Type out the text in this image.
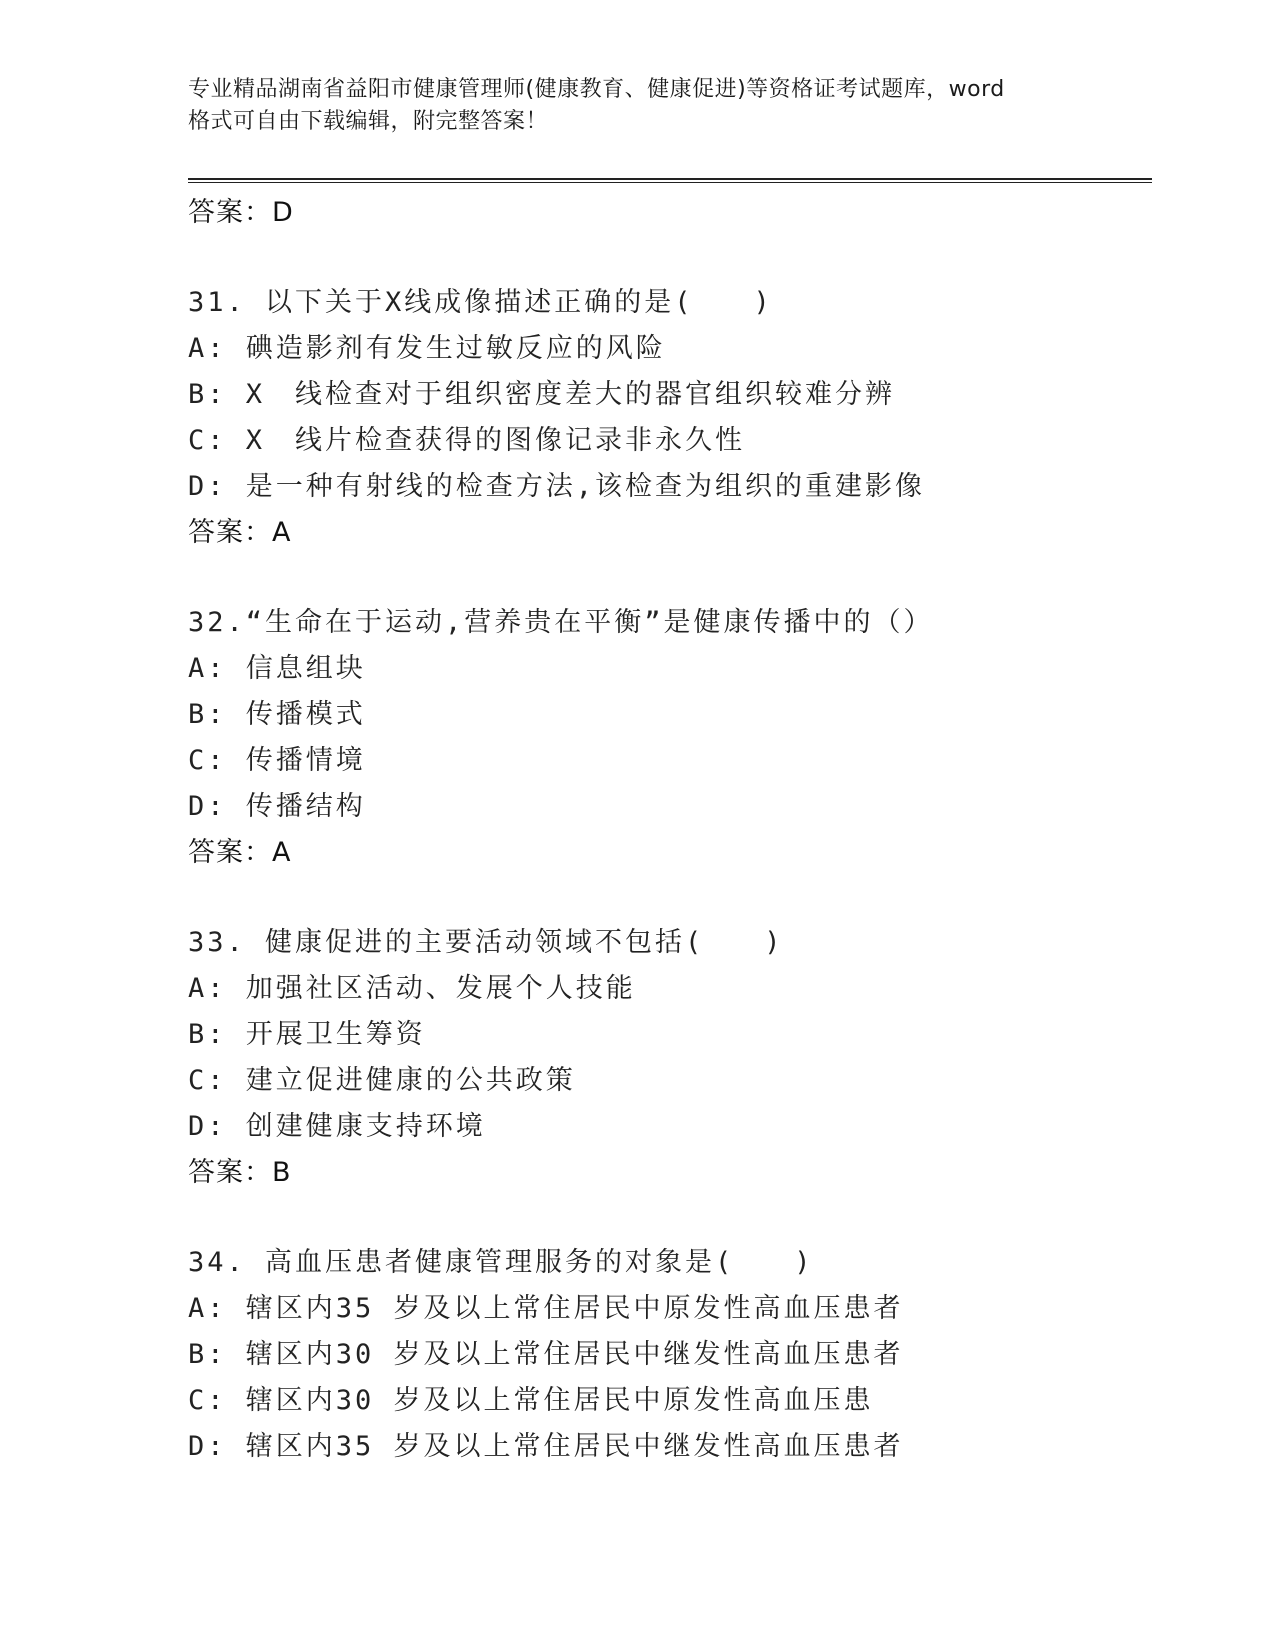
专业精品湖南省益阳市健康管理师(健康教育、健康促进)等资格证考试题库，word
格式可自由下载编辑，附完整答案！
答案：D
31. 以下关于X线成像描述正确的是(　　)
A: 碘造影剂有发生过敏反应的风险
B: X　线检查对于组织密度差大的器官组织较难分辨
C: X　线片检查获得的图像记录非永久性
D: 是一种有射线的检查方法,该检查为组织的重建影像
答案：A
32.“生命在于运动,营养贵在平衡”是健康传播中的（）
A: 信息组块
B: 传播模式
C: 传播情境
D: 传播结构
答案：A
33. 健康促进的主要活动领域不包括(　　)
A: 加强社区活动、发展个人技能
B: 开展卫生筹资
C: 建立促进健康的公共政策
D: 创建健康支持环境
答案：B
34. 高血压患者健康管理服务的对象是(　　)
A: 辖区内35 岁及以上常住居民中原发性高血压患者
B: 辖区内30 岁及以上常住居民中继发性高血压患者
C: 辖区内30 岁及以上常住居民中原发性高血压患
D: 辖区内35 岁及以上常住居民中继发性高血压患者
